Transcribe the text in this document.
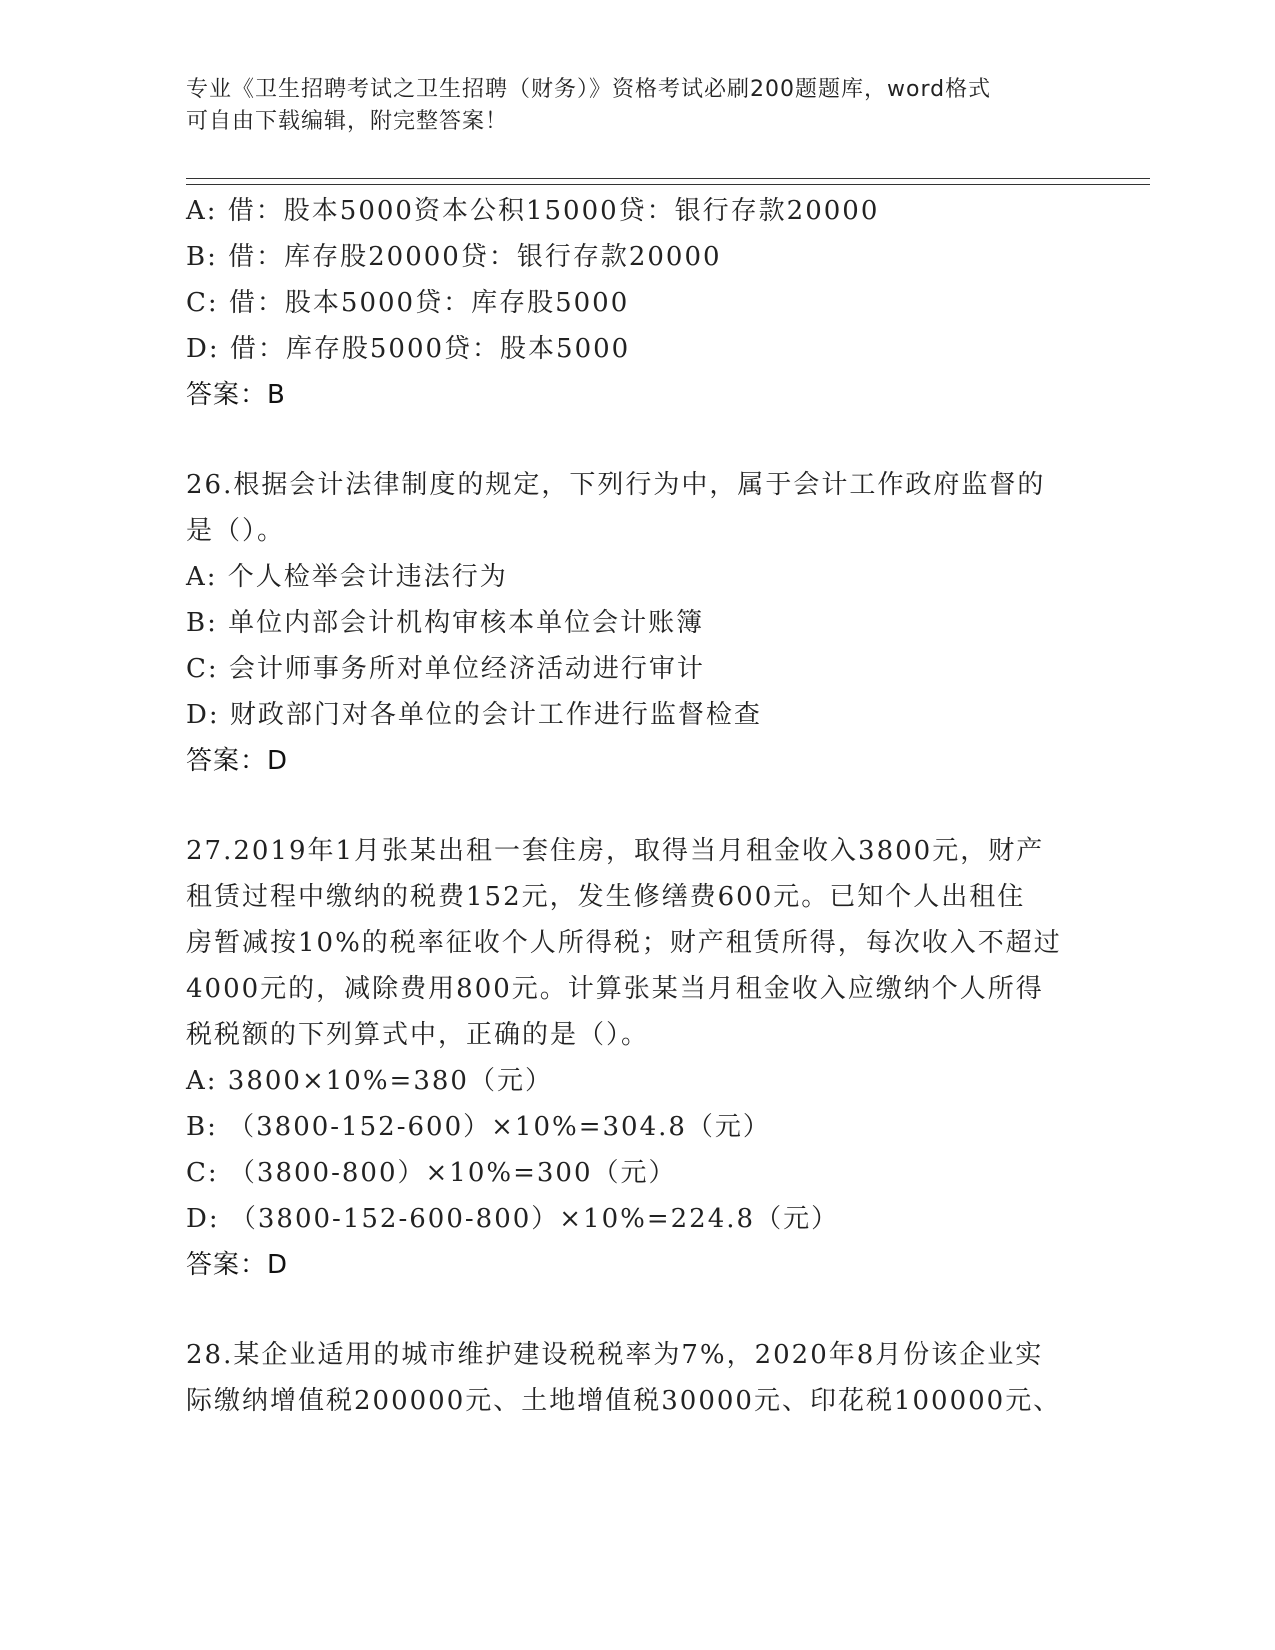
专业《卫生招聘考试之卫生招聘（财务）》资格考试必刷200题题库，word格式
可自由下载编辑，附完整答案！
A: 借：股本5000资本公积15000贷：银行存款20000
B: 借：库存股20000贷：银行存款20000
C: 借：股本5000贷：库存股5000
D: 借：库存股5000贷：股本5000
答案：B
26.根据会计法律制度的规定，下列行为中，属于会计工作政府监督的
是（）。
A: 个人检举会计违法行为
B: 单位内部会计机构审核本单位会计账簿
C: 会计师事务所对单位经济活动进行审计
D: 财政部门对各单位的会计工作进行监督检查
答案：D
27.2019年1月张某出租一套住房，取得当月租金收入3800元，财产
租赁过程中缴纳的税费152元，发生修缮费600元。已知个人出租住
房暂减按10%的税率征收个人所得税；财产租赁所得，每次收入不超过
4000元的，减除费用800元。计算张某当月租金收入应缴纳个人所得
税税额的下列算式中，正确的是（）。
A: 3800×10%=380（元）
B: （3800-152-600）×10%=304.8（元）
C: （3800-800）×10%=300（元）
D: （3800-152-600-800）×10%=224.8（元）
答案：D
28.某企业适用的城市维护建设税税率为7%，2020年8月份该企业实
际缴纳增值税200000元、土地增值税30000元、印花税100000元、
